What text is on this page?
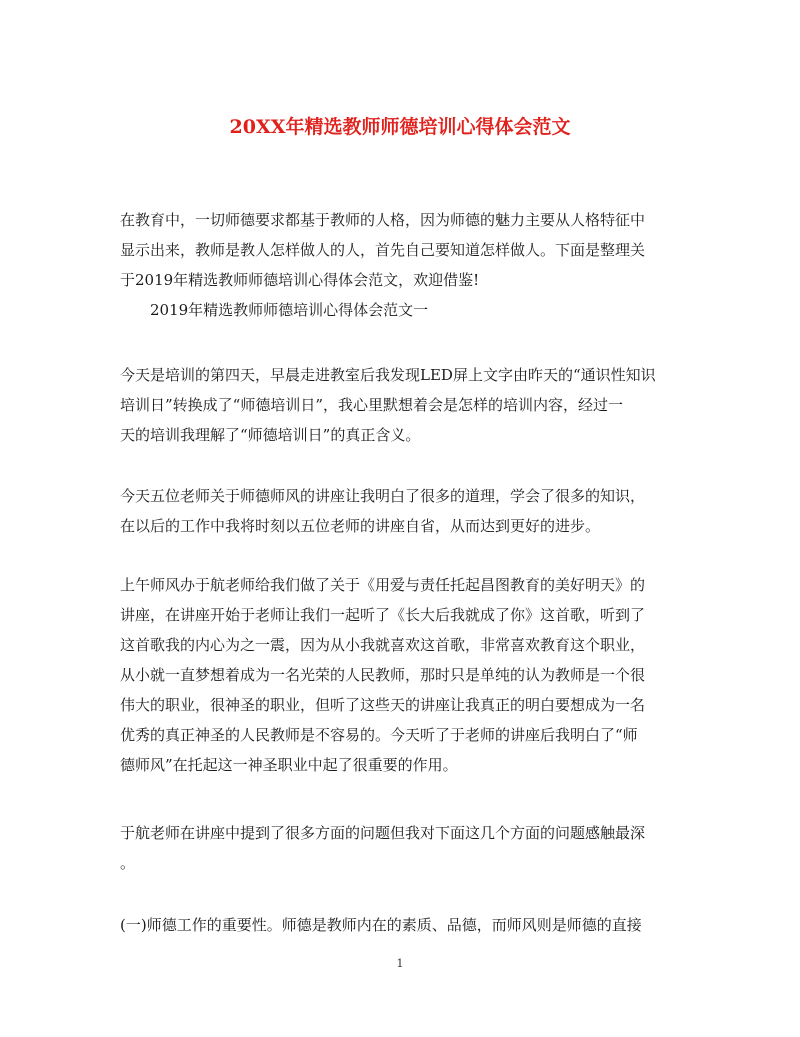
20XX年精选教师师德培训心得体会范文
在教育中，一切师德要求都基于教师的人格，因为师德的魅力主要从人格特征中
显示出来，教师是教人怎样做人的人，首先自己要知道怎样做人。下面是整理关
于2019年精选教师师德培训心得体会范文，欢迎借鉴!
2019年精选教师师德培训心得体会范文一
今天是培训的第四天，早晨走进教室后我发现LED屏上文字由昨天的“通识性知识
培训日”转换成了“师德培训日”，我心里默想着会是怎样的培训内容，经过一
天的培训我理解了“师德培训日”的真正含义。
今天五位老师关于师德师风的讲座让我明白了很多的道理，学会了很多的知识，
在以后的工作中我将时刻以五位老师的讲座自省，从而达到更好的进步。
上午师风办于航老师给我们做了关于《用爱与责任托起昌图教育的美好明天》的
讲座，在讲座开始于老师让我们一起听了《长大后我就成了你》这首歌，听到了
这首歌我的内心为之一震，因为从小我就喜欢这首歌，非常喜欢教育这个职业，
从小就一直梦想着成为一名光荣的人民教师，那时只是单纯的认为教师是一个很
伟大的职业，很神圣的职业，但听了这些天的讲座让我真正的明白要想成为一名
优秀的真正神圣的人民教师是不容易的。今天听了于老师的讲座后我明白了“师
德师风”在托起这一神圣职业中起了很重要的作用。
于航老师在讲座中提到了很多方面的问题但我对下面这几个方面的问题感触最深
。
(一)师德工作的重要性。师德是教师内在的素质、品德，而师风则是师德的直接
1
